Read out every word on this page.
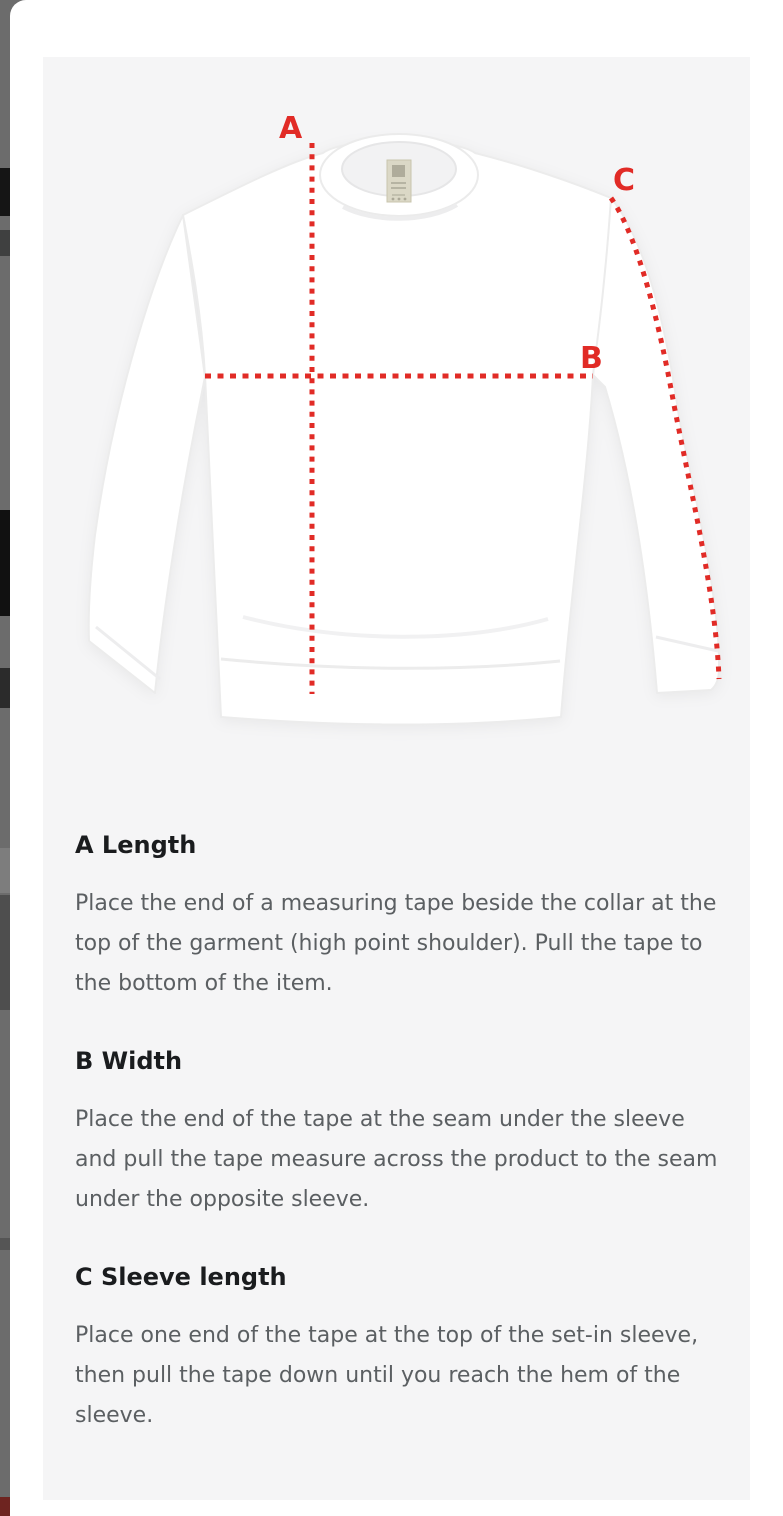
A
B
C
A Length

Place the end of a measuring tape beside the collar at the top of the garment (high point shoulder). Pull the tape to the bottom of the item.

B Width

Place the end of the tape at the seam under the sleeve and pull the tape measure across the product to the seam under the opposite sleeve.

C Sleeve length

Place one end of the tape at the top of the set-in sleeve, then pull the tape down until you reach the hem of the sleeve.
